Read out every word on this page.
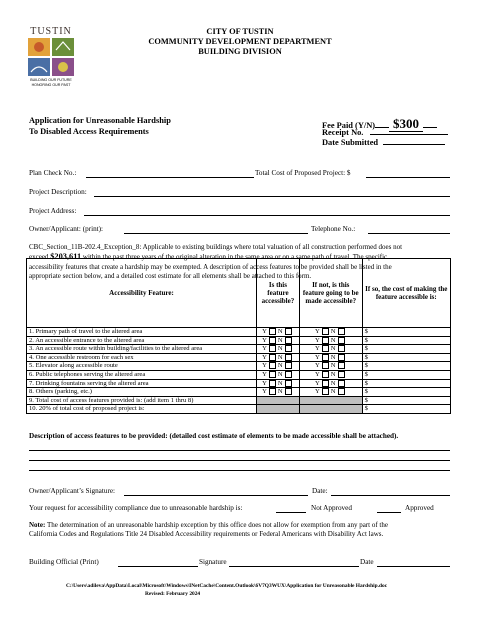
TUSTIN
BUILDING OUR FUTURE
HONORING OUR PAST
CITY OF TUSTIN
COMMUNITY DEVELOPMENT DEPARTMENT
BUILDING DIVISION
Application for Unreasonable Hardship
To Disabled Access Requirements
Fee Paid (Y/N) $300
Receipt No.
Date Submitted
Plan Check No.:	Total Cost of Proposed Project: $
Project Description:
Project Address:
Owner/Applicant: (print):	Telephone No.:
CBC_Section_11B-202.4_Exception_8: Applicable to existing buildings where total valuation of all construction performed does not
exceed $203,611 within the past three years of the original alteration in the same area or on a same path of travel. The specific
accessibility features that create a hardship may be exempted. A description of access features to be provided shall be listed in the
appropriate section below, and a detailed cost estimate for all elements shall be attached to this form.
Accessibility Feature:	Is this feature accessible?	If not, is this feature going to be made accessible?	If so, the cost of making the feature accessible is:
1. Primary path of travel to the altered area	Y N	Y N	$
2. An accessible entrance to the altered area	Y N	Y N	$
3. An accessible route within building/facilities to the altered area	Y N	Y N	$
4. One accessible restroom for each sex	Y N	Y N	$
5. Elevator along accessible route	Y N	Y N	$
6. Public telephones serving the altered area	Y N	Y N	$
7. Drinking fountains serving the altered area	Y N	Y N	$
8. Others (parking, etc.)	Y N	Y N	$
9. Total cost of access features provided is: (add item 1 thru 8)			$
10. 20% of total cost of proposed project is:			$
Description of access features to be provided: (detailed cost estimate of elements to be made accessible shall be attached).
Owner/Applicant’s Signature:	Date:
Your request for accessibility compliance due to unreasonable hardship is:	Not Approved	Approved
Note: The determination of an unreasonable hardship exception by this office does not allow for exemption from any part of the
California Codes and Regulations Title 24 Disabled Accessibility requirements or Federal Americans with Disability Act laws.
Building Official (Print)	Signature	Date
C:\Users\adileva\AppData\Local\Microsoft\Windows\INetCache\Content.Outlook\6V7Q3WUX\Application for Unreasonable Hardship.doc
Revised: February 2024
